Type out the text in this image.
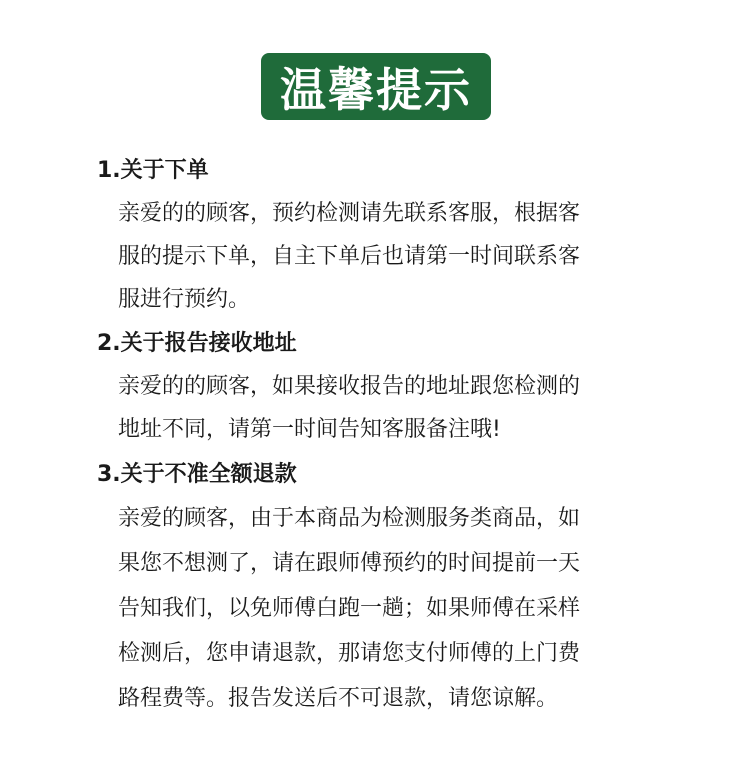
温馨提示
1.关于下单
亲爱的的顾客，预约检测请先联系客服，根据客
服的提示下单，自主下单后也请第一时间联系客
服进行预约。
2.关于报告接收地址
亲爱的的顾客，如果接收报告的地址跟您检测的
地址不同，请第一时间告知客服备注哦!
3.关于不准全额退款
亲爱的顾客，由于本商品为检测服务类商品，如
果您不想测了，请在跟师傅预约的时间提前一天
告知我们，以免师傅白跑一趟；如果师傅在采样
检测后，您申请退款，那请您支付师傅的上门费
路程费等。报告发送后不可退款，请您谅解。
